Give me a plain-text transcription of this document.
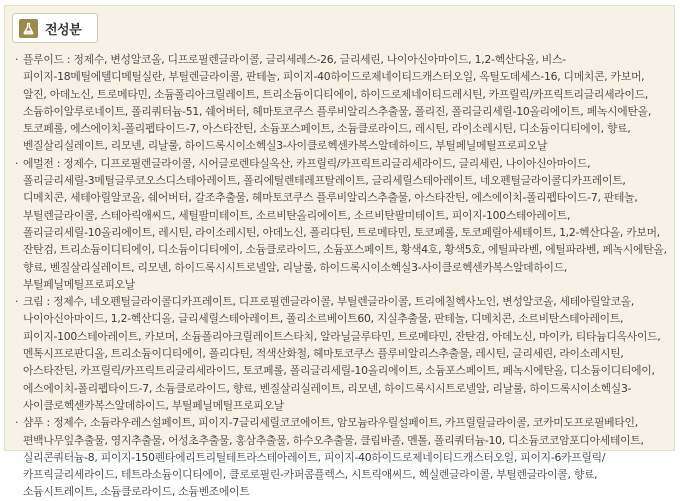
전성분
· 플루이드 : 정제수, 변성알코올, 디프로필렌글라이콜, 글리세레스-26, 글리세린, 나이아신아마이드, 1,2-헥산다올, 비스-피이지-18메틸에텔디메틸실란, 부틸렌글라이콜, 판테놀, 피이지-40하이드로제네이티드캐스터오일, 옥틸도데세스-16, 디메치콘, 카보머, 알진, 아데노신, 트로메타민, 소듐폴리아크릴레이트, 트리소듐이디티에이, 하이드로제네이티드레시틴, 카프릴릭/카프릭트리글리세라이드, 소듐하이알루로네이트, 폴리쿼터늄-51, 쉐어버터, 헤마토코쿠스 플루비알리스추출물, 폴리진, 폴리글리세릴-10올리에이트, 페녹시에탄올, 토코페롤, 에스에이치-폴리펩타이드-7, 아스타잔틴, 소듐포스페이트, 소듐클로라이드, 레시틴, 라이소레시틴, 디소듐이디티에이, 향료, 벤질살리실레이트, 리모넨, 리날룰, 하이드록시이소헥실3-사이클로헥센카복스알데하이드, 부틸페닐메틸프로피오날
· 에멀전 : 정제수, 디프로필렌글라이콜, 시어글로렌타실옥산, 카프릴릭/카프릭트리글리세라이드, 글리세린, 나이아신아마이드, 폴리글리세릴-3메틸글루코오스디스테아레이트, 폴리에틸렌테레프탈레이트, 글리세릴스테아레이트, 네오펜틸글라이콜디카프레이트, 디메치콘, 세테아릴알코올, 쉐어버터, 갈조추출물, 헤마토코쿠스 플루비알리스추출물, 아스타잔틴, 에스에이치-폴리펩타이드-7, 판테놀, 부틸렌글라이콜, 스테아릭애씨드, 세틸팔미테이트, 소르비탄올리에이트, 소르비탄팔미테이트, 피이지-100스테아레이트, 폴리글리세릴-10올리에이트, 레시틴, 라이소레시틴, 아데노신, 폴리다틴, 트로메타민, 토코페롤, 토코페릴아세테이트, 1,2-헥산다올, 카보머, 잔탄검, 트리소듐이디티에이, 디소듐이디티에이, 소듐클로라이드, 소듐포스페이트, 황색4호, 황색5호, 에틸파라벤, 에틸파라벤, 페녹시에탄올, 향료, 벤질살리실레이트, 리모넨, 하이드록시시트로넬알, 리날룰, 하이드록시이소헥실3-사이클로헥센카복스알데하이드, 부틸페닐메틸프로피오날
· 크림 : 정제수, 네오펜틸글라이콜디카프레이트, 디프로필렌글라이콜, 부틸렌글라이콜, 트리에칠헥사노인, 변성알코올, 세테아릴알코올, 나이아신아마이드, 1,2-헥산디올, 글리세릴스테아레이트, 폴리소르베이트60, 지실추출물, 판테놀, 디메치콘, 소르비탄스테아레이트, 피이지-100스테아레이트, 카보머, 소듐폴리아크릴레이트스타치, 알라닐글루타민, 트로메타민, 잔탄검, 아데노신, 마이카, 티타늄디옥사이드, 멘톡시프로판디올, 트리소듐이디티에이, 폴리다틴, 적색산화철, 헤마토코쿠스 플루비알리스추출물, 레시틴, 글리세린, 라이소레시틴, 아스타잔틴, 카프릴릭/카프릭트리글리세라이드, 토코페롤, 폴리글리세릴-10올리에이트, 소듐포스페이트, 페녹시에탄올, 디소듐이디티에이, 에스에이치-폴리펩타이드-7, 소듐클로라이드, 향료, 벤질살리실레이트, 리모넨, 하이드록시시트로넬알, 리날룰, 하이드록시이소헥실3-사이클로헥센카복스알데하이드, 부틸페닐메틸프로피오날
· 샴푸 : 정제수, 소듐라우레스설페이트, 피이지-7글리세릴코코에이트, 암모늄라우릴설페이트, 카프릴릴글라이콜, 코카미도프로필베타인, 편백나무잎추출물, 영지추출물, 어성초추출물, 홍삼추출물, 하수오추출물, 클림바졸, 멘톨, 폴리쿼터늄-10, 디소듐코코암포디아세테이트, 실리콘쿼터늄-8, 피이지-150펜타에리트리틸테트라스테아레이트, 피이지-40하이드로제네이티드캐스터오일, 피이지-6카프릴릭/카프릭글리세라이드, 테트라소듐이디티에이, 클로로필린-카퍼콤플렉스, 시트릭애씨드, 헥실렌글라이콜, 부틸렌글라이콜, 향료, 소듐시트레이트, 소듐클로라이드, 소듐벤조에이트
